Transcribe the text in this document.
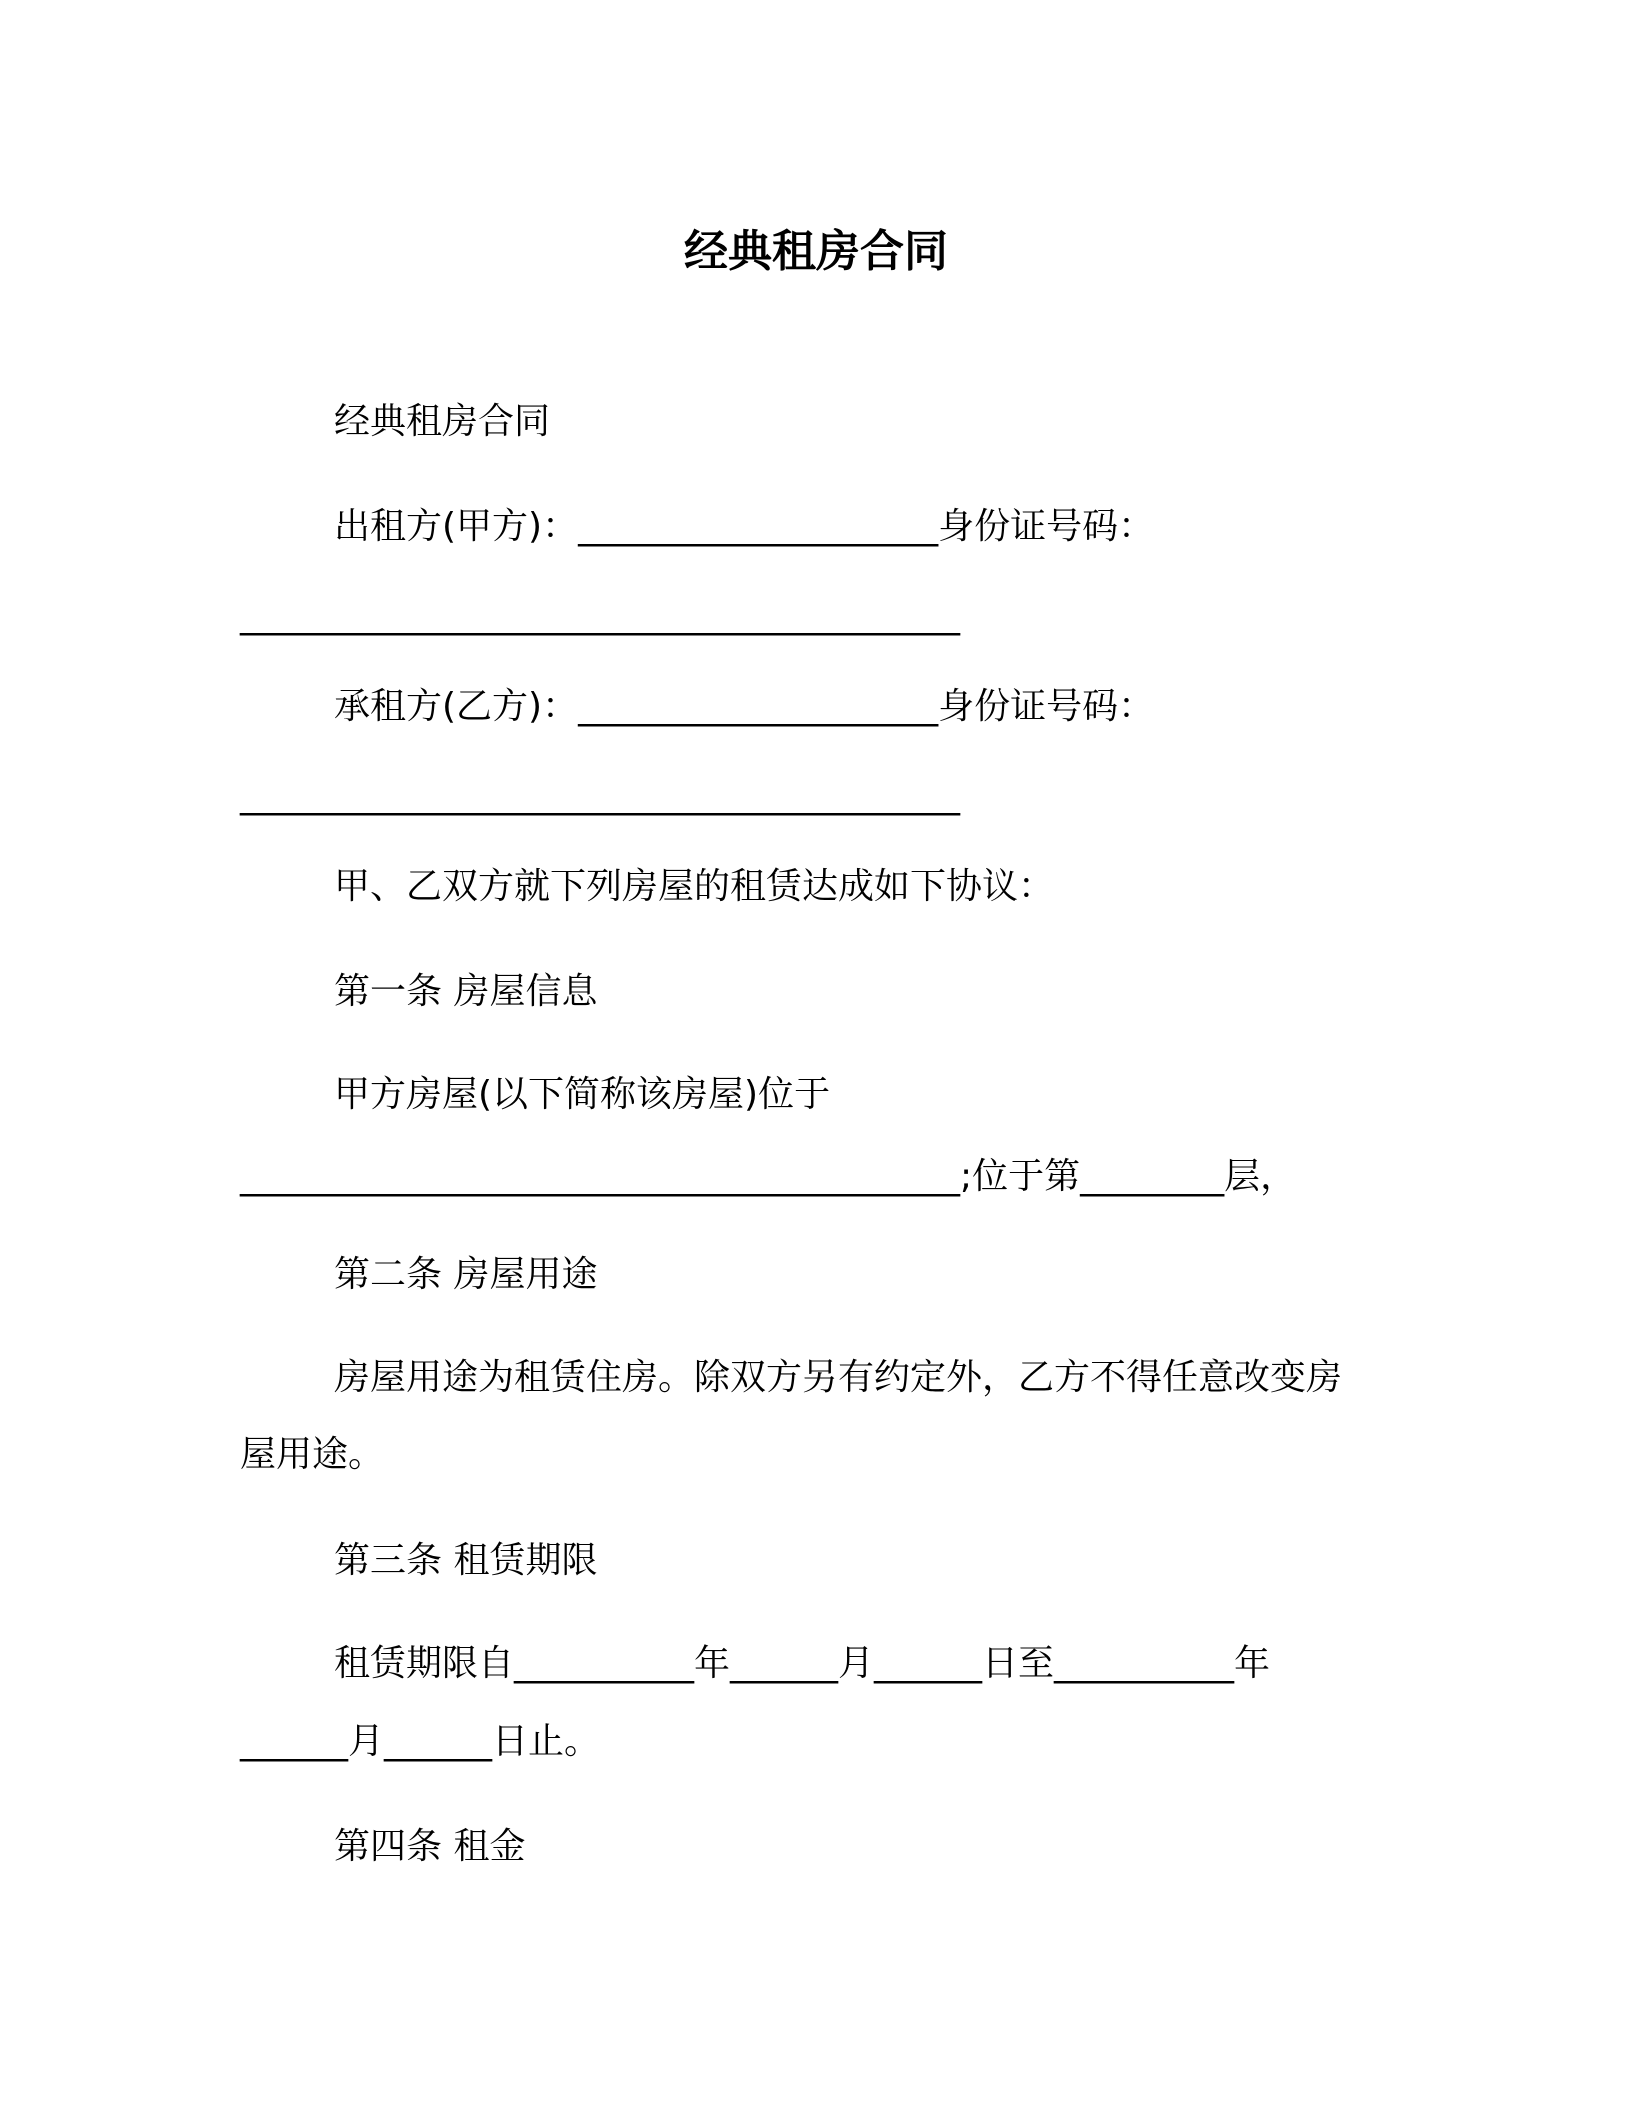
经典租房合同
经典租房合同
出租方(甲方)：____________________身份证号码：
________________________________________
承租方(乙方)：____________________身份证号码：
________________________________________
甲、乙双方就下列房屋的租赁达成如下协议：
第一条 房屋信息
甲方房屋(以下简称该房屋)位于
________________________________________;位于第________层，
第二条 房屋用途
房屋用途为租赁住房。除双方另有约定外，乙方不得任意改变房
屋用途。
第三条 租赁期限
租赁期限自__________年______月______日至__________年
______月______日止。
第四条 租金
